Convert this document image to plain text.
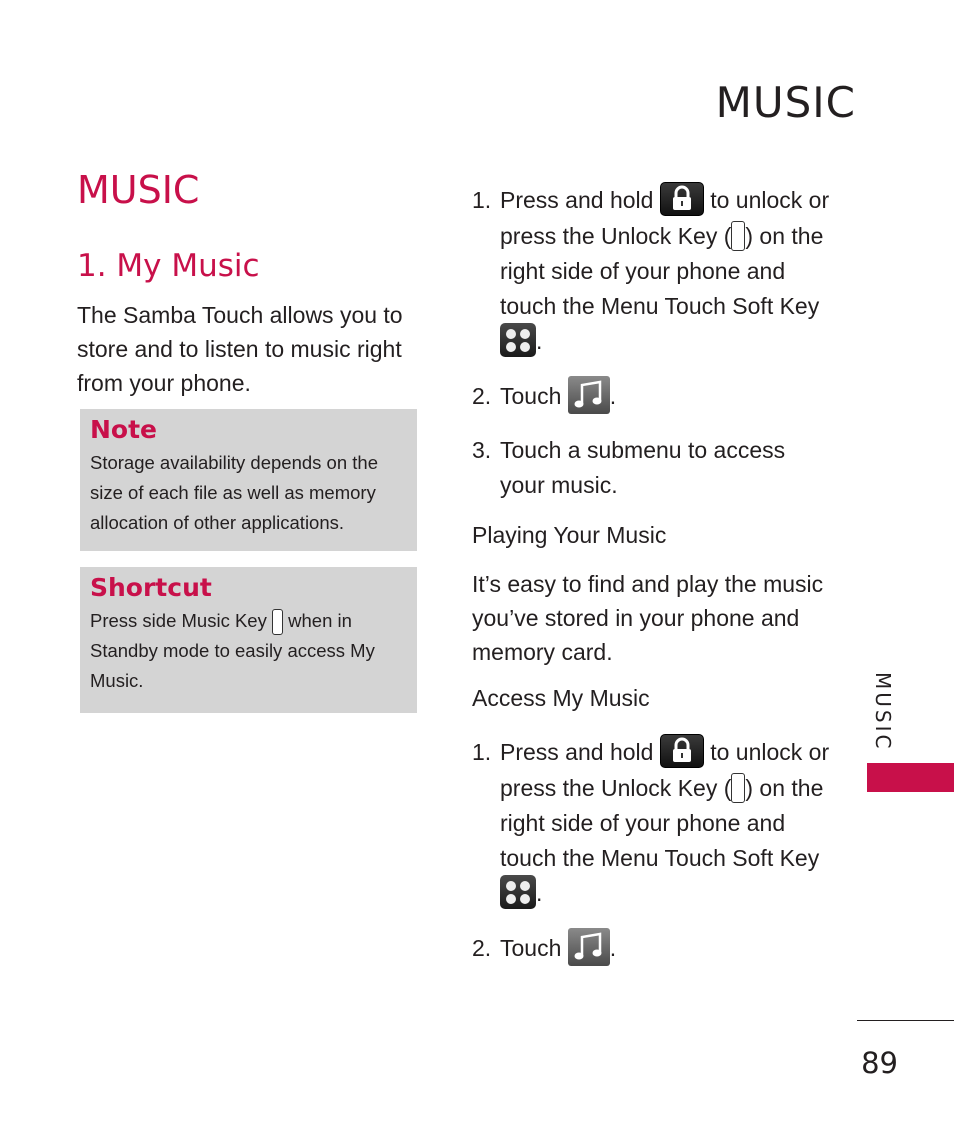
MUSIC
MUSIC
1. My Music

The Samba Touch allows you to store and to listen to music right from your phone.

Note

Storage availability depends on the size of each file as well as memory allocation of other applications.

Shortcut

Press side Music Key when in Standby mode to easily access My Music.

1. Press and hold to unlock or press the Unlock Key ( ) on the right side of your phone and touch the Menu Touch Soft Key .
2. Touch .
3. Touch a submenu to access your music.
Playing Your Music

It’s easy to find and play the music you’ve stored in your phone and memory card.

Access My Music
1. Press and hold to unlock or press the Unlock Key ( ) on the right side of your phone and touch the Menu Touch Soft Key .
2. Touch .
MUSIC
89
